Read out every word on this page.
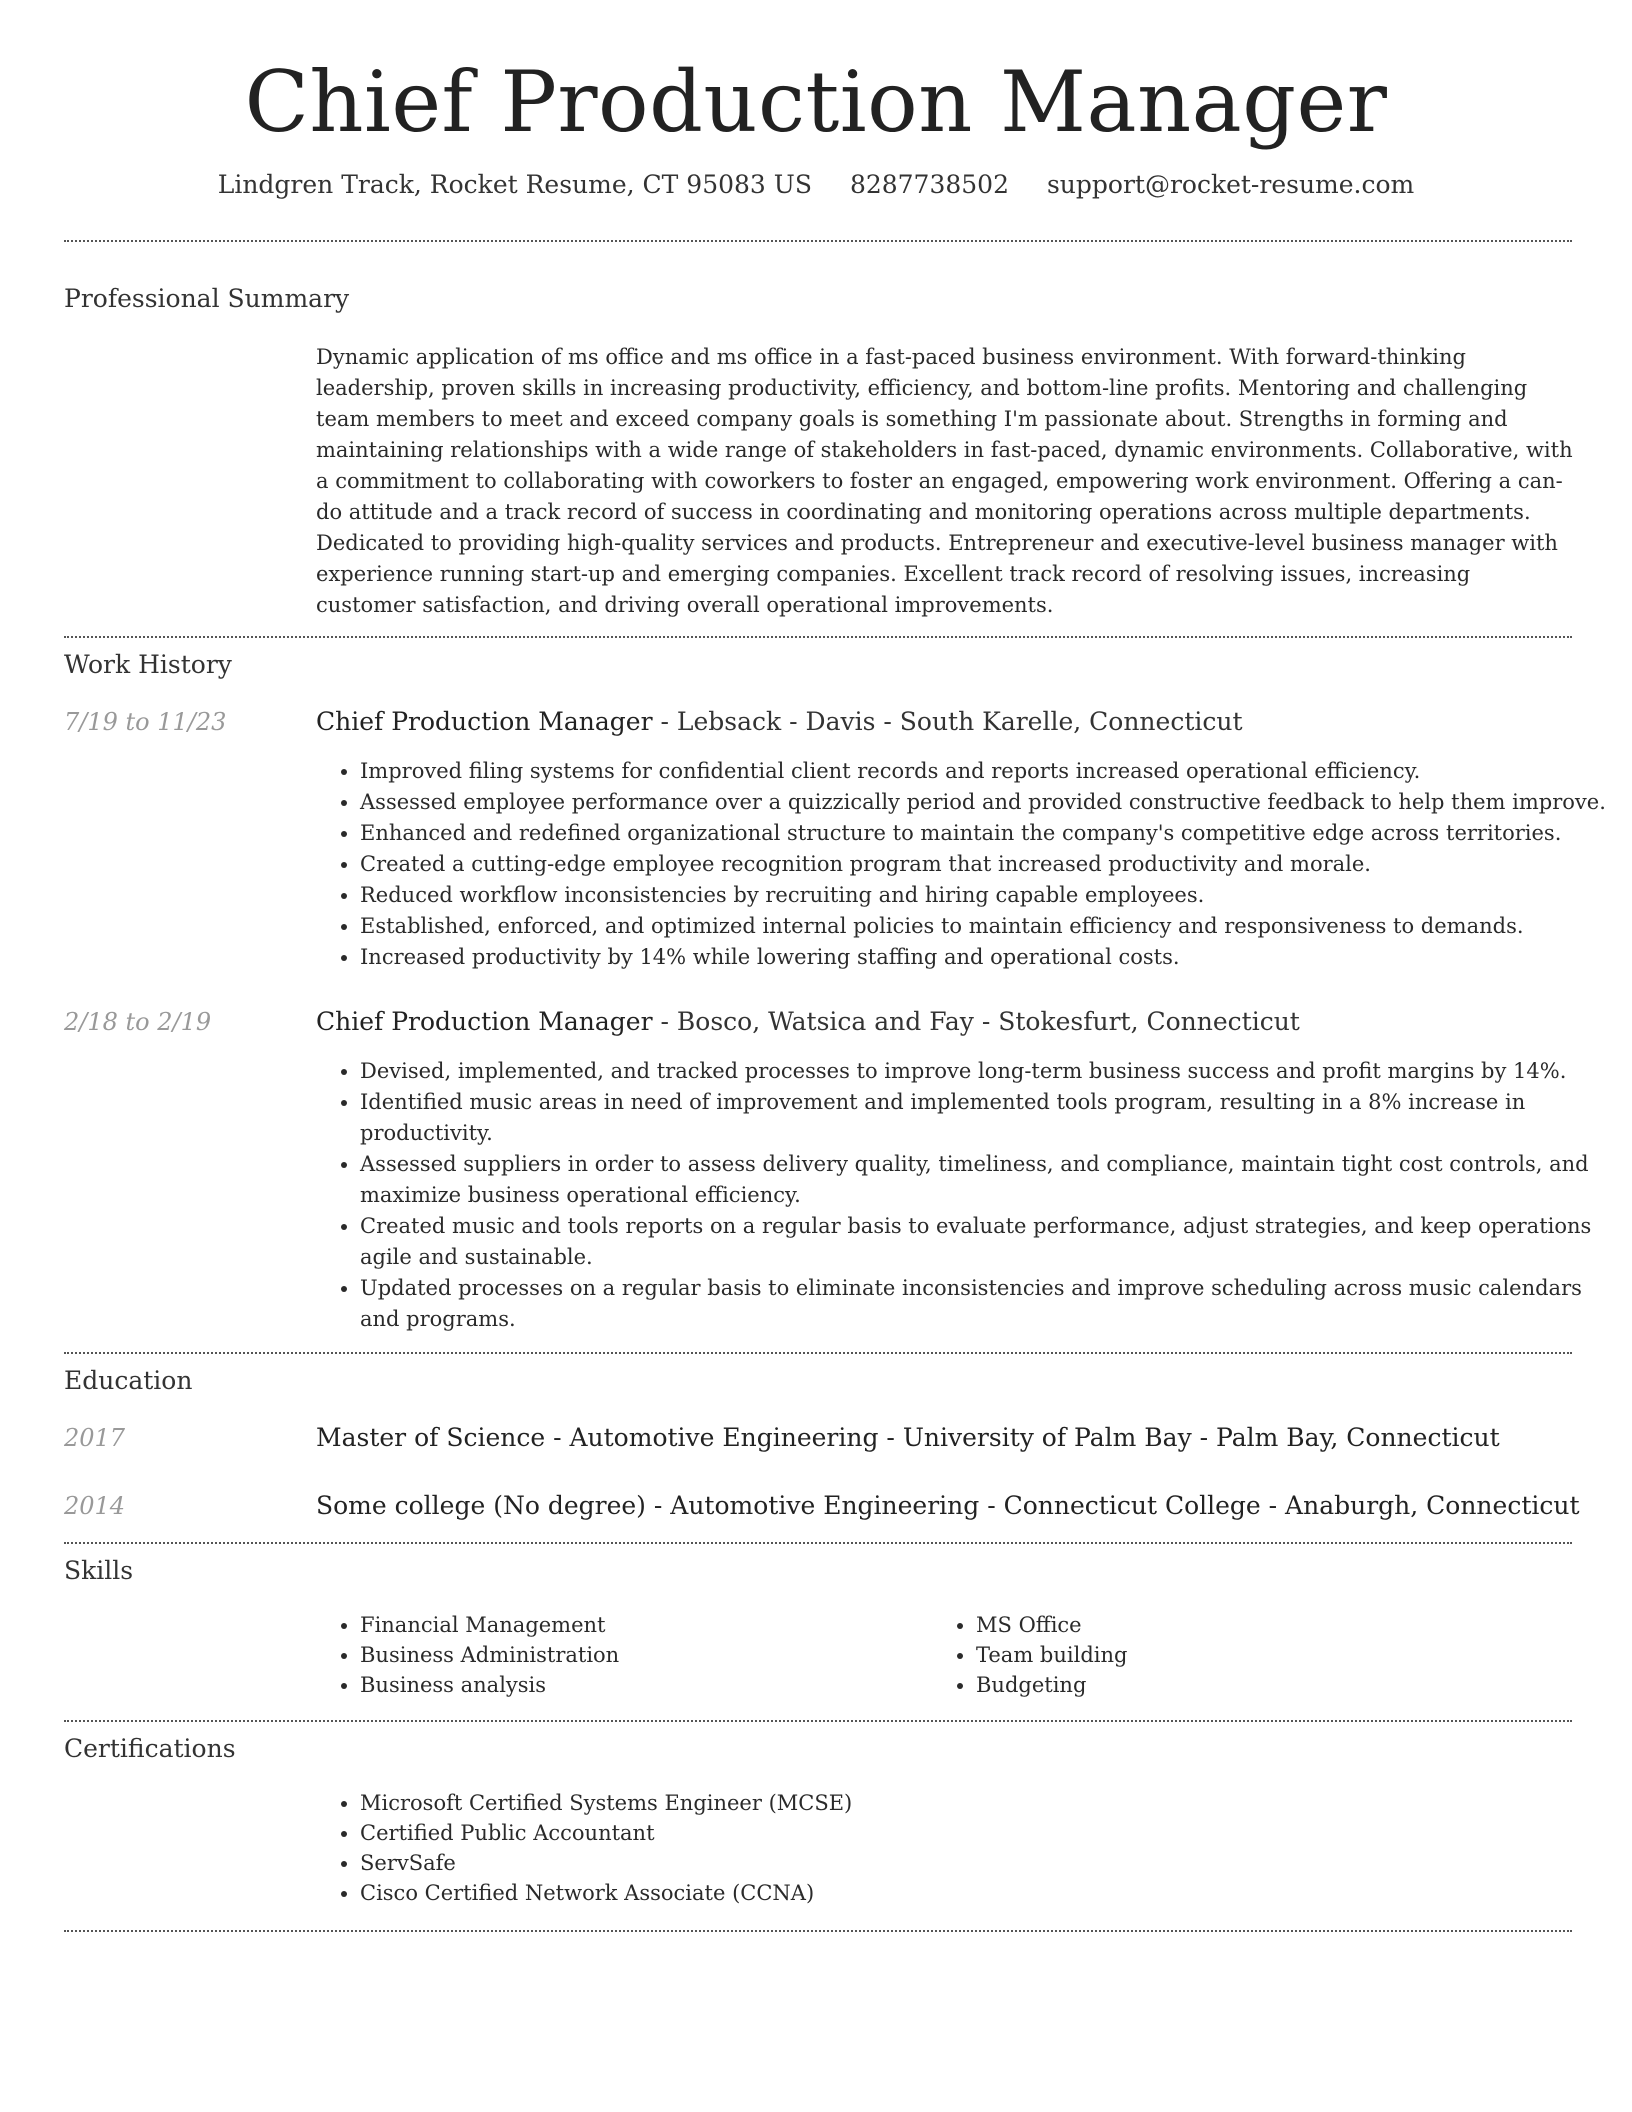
Chief Production Manager
Lindgren Track, Rocket Resume, CT 95083 US 8287738502 support@rocket-resume.com
Professional Summary

Dynamic application of ms office and ms office in a fast-paced business environment. With forward-thinking leadership, proven skills in increasing productivity, efficiency, and bottom-line profits. Mentoring and challenging team members to meet and exceed company goals is something I'm passionate about. Strengths in forming and maintaining relationships with a wide range of stakeholders in fast-paced, dynamic environments. Collaborative, with a commitment to collaborating with coworkers to foster an engaged, empowering work environment. Offering a can-do attitude and a track record of success in coordinating and monitoring operations across multiple departments. Dedicated to providing high-quality services and products. Entrepreneur and executive-level business manager with experience running start-up and emerging companies. Excellent track record of resolving issues, increasing customer satisfaction, and driving overall operational improvements.

Work History
7/19 to 11/23	Chief Production Manager - Lebsack - Davis - South Karelle, Connecticut
• Improved filing systems for confidential client records and reports increased operational efficiency.
• Assessed employee performance over a quizzically period and provided constructive feedback to help them improve.
• Enhanced and redefined organizational structure to maintain the company's competitive edge across territories.
• Created a cutting-edge employee recognition program that increased productivity and morale.
• Reduced workflow inconsistencies by recruiting and hiring capable employees.
• Established, enforced, and optimized internal policies to maintain efficiency and responsiveness to demands.
• Increased productivity by 14% while lowering staffing and operational costs.
2/18 to 2/19	Chief Production Manager - Bosco, Watsica and Fay - Stokesfurt, Connecticut
• Devised, implemented, and tracked processes to improve long-term business success and profit margins by 14%.
• Identified music areas in need of improvement and implemented tools program, resulting in a 8% increase in productivity.
• Assessed suppliers in order to assess delivery quality, timeliness, and compliance, maintain tight cost controls, and maximize business operational efficiency.
• Created music and tools reports on a regular basis to evaluate performance, adjust strategies, and keep operations agile and sustainable.
• Updated processes on a regular basis to eliminate inconsistencies and improve scheduling across music calendars and programs.
Education
2017	Master of Science - Automotive Engineering - University of Palm Bay - Palm Bay, Connecticut
2014	Some college (No degree) - Automotive Engineering - Connecticut College - Anaburgh, Connecticut
Skills
• Financial Management
• Business Administration
• Business analysis
• MS Office
• Team building
• Budgeting
Certifications
• Microsoft Certified Systems Engineer (MCSE)
• Certified Public Accountant
• ServSafe
• Cisco Certified Network Associate (CCNA)
